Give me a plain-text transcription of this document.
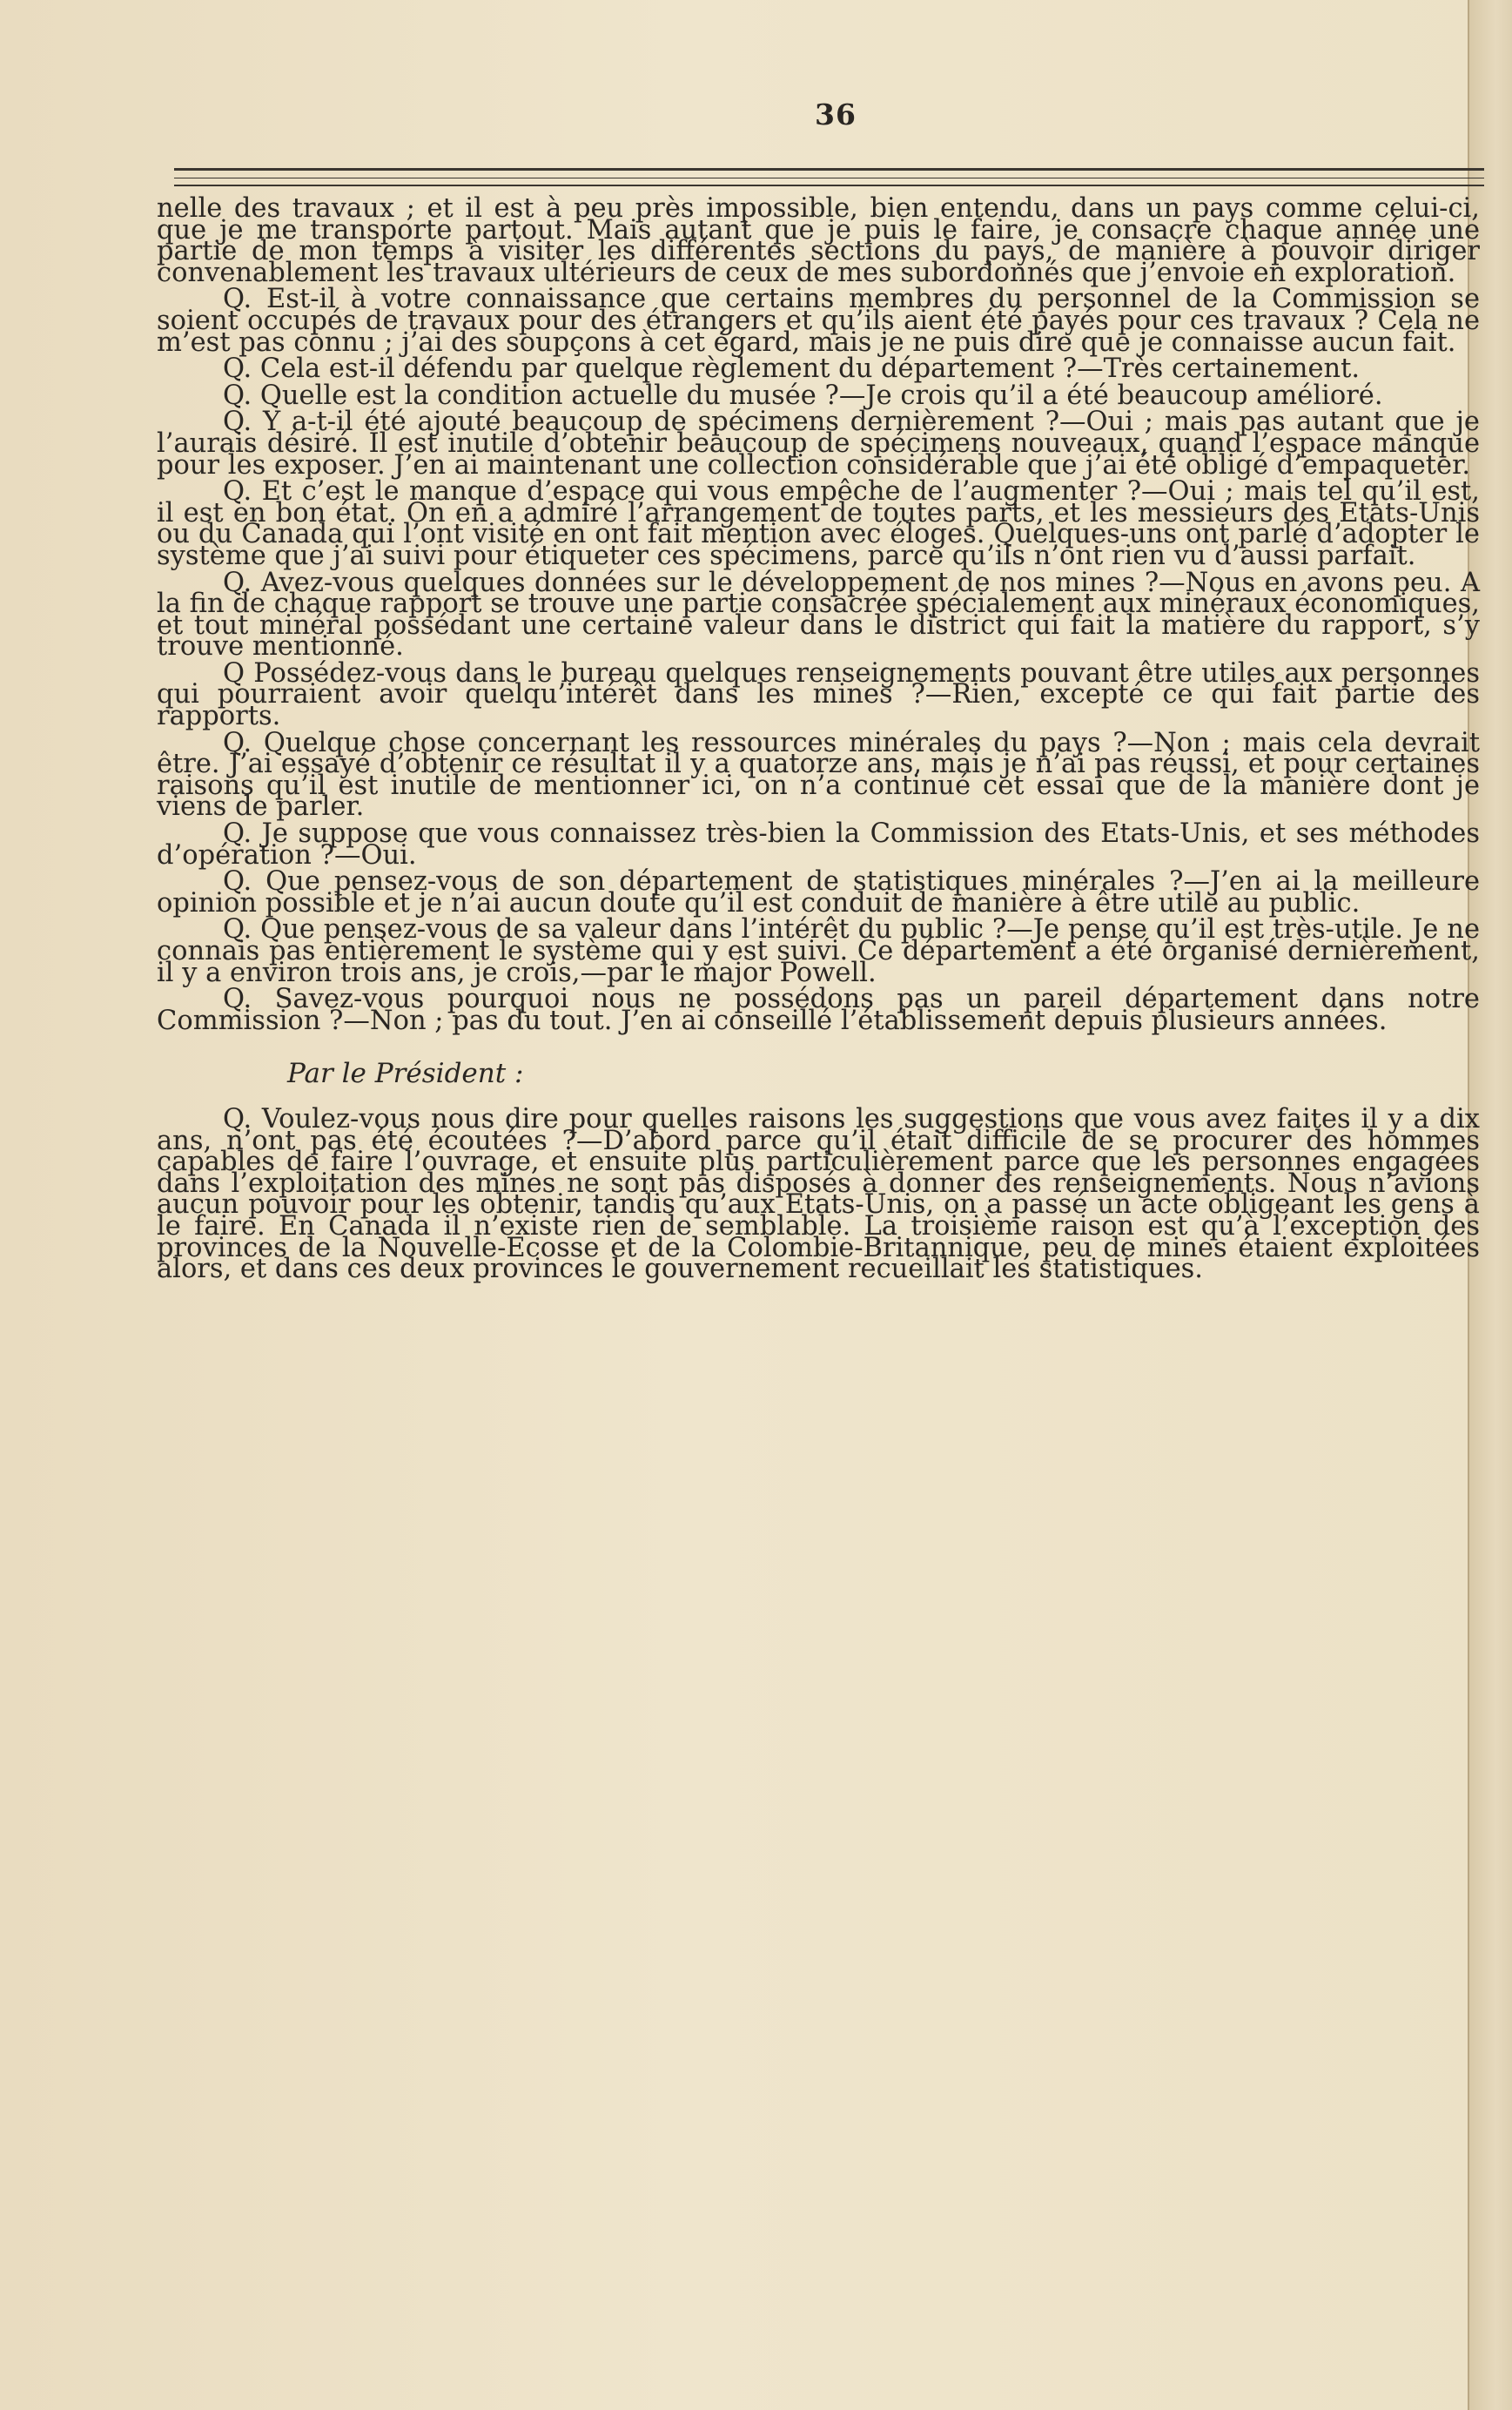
36

nelle des travaux ; et il est à peu près impossible, bien entendu, dans un pays comme celui-ci, que je me transporte partout. Mais autant que je puis le faire, je consacre chaque année une partie de mon temps à visiter les différentes sections du pays, de manière à pouvoir diriger convenablement les travaux ultérieurs de ceux de mes subordonnés que j’envoie en exploration.

Q. Est-il à votre connaissance que certains membres du personnel de la Commission se soient occupés de travaux pour des étrangers et qu’ils aient été payés pour ces travaux ? Cela ne m’est pas connu ; j’ai des soupçons à cet égard, mais je ne puis dire que je connaisse aucun fait.

Q. Cela est-il défendu par quelque règlement du département ?—Très certainement.

Q. Quelle est la condition actuelle du musée ?—Je crois qu’il a été beaucoup amélioré.

Q. Y a-t-il été ajouté beaucoup de spécimens dernièrement ?—Oui ; mais pas autant que je l’aurais désiré. Il est inutile d’obtenir beaucoup de spécimens nouveaux, quand l’espace manque pour les exposer. J’en ai maintenant une collection considérable que j’ai été obligé d’empaqueter.

Q. Et c’est le manque d’espace qui vous empêche de l’augmenter ?—Oui ; mais tel qu’il est, il est en bon état. On en a admiré l’arrangement de toutes parts, et les messieurs des Etats-Unis ou du Canada qui l’ont visité en ont fait mention avec éloges. Quelques-uns ont parlé d’adopter le système que j’ai suivi pour étiqueter ces spécimens, parce qu’ils n’ont rien vu d’aussi parfait.

Q. Avez-vous quelques données sur le développement de nos mines ?—Nous en avons peu. A la fin de chaque rapport se trouve une partie consacrée spécialement aux minéraux économiques, et tout minéral possédant une certaine valeur dans le district qui fait la matière du rapport, s’y trouve mentionné.

Q Possédez-vous dans le bureau quelques renseignements pouvant être utiles aux personnes qui pourraient avoir quelqu’intérêt dans les mines ?—Rien, excepté ce qui fait partie des rapports.

Q. Quelque chose concernant les ressources minérales du pays ?—Non ; mais cela devrait être. J’ai essayé d’obtenir ce résultat il y a quatorze ans, mais je n’ai pas réussi, et pour certaines raisons qu’il est inutile de mentionner ici, on n’a continué cet essai que de la manière dont je viens de parler.

Q. Je suppose que vous connaissez très-bien la Commission des Etats-Unis, et ses méthodes d’opération ?—Oui.

Q. Que pensez-vous de son département de statistiques minérales ?—J’en ai la meilleure opinion possible et je n’ai aucun doute qu’il est conduit de manière à être utile au public.

Q. Que pensez-vous de sa valeur dans l’intérêt du public ?—Je pense qu’il est très-utile. Je ne connais pas entièrement le système qui y est suivi. Ce département a été organisé dernièrement, il y a environ trois ans, je crois,—par le major Powell.

Q. Savez-vous pourquoi nous ne possédons pas un pareil département dans notre Commission ?—Non ; pas du tout. J’en ai conseillé l’établissement depuis plusieurs années.

Par le Président :

Q. Voulez-vous nous dire pour quelles raisons les suggestions que vous avez faites il y a dix ans, n’ont pas été écoutées ?—D’abord parce qu’il était difficile de se procurer des hommes capables de faire l’ouvrage, et ensuite plus particulièrement parce que les personnes engagées dans l’exploitation des mines ne sont pas disposés à donner des renseignements. Nous n’avions aucun pouvoir pour les obtenir, tandis qu’aux Etats-Unis, on a passé un acte obligeant les gens à le faire. En Canada il n’existe rien de semblable. La troisième raison est qu’à l’exception des provinces de la Nouvelle-Ecosse et de la Colombie-Britannique, peu de mines étaient exploitées alors, et dans ces deux provinces le gouvernement recueillait les statistiques.
